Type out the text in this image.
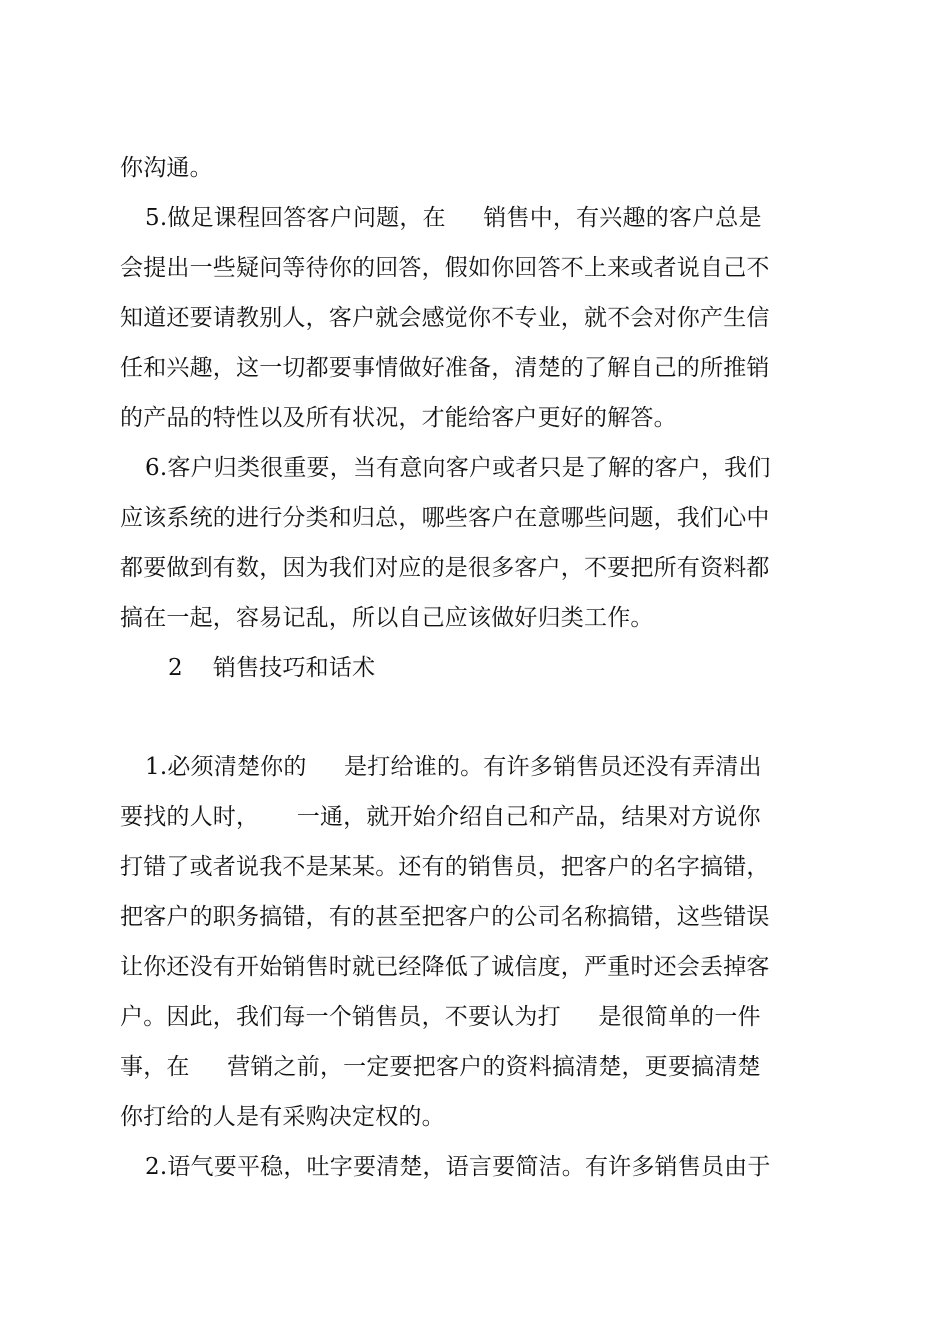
你沟通。
5.做足课程回答客户问题，在     销售中，有兴趣的客户总是
会提出一些疑问等待你的回答，假如你回答不上来或者说自己不
知道还要请教别人，客户就会感觉你不专业，就不会对你产生信
任和兴趣，这一切都要事情做好准备，清楚的了解自己的所推销
的产品的特性以及所有状况，才能给客户更好的解答。
6.客户归类很重要，当有意向客户或者只是了解的客户，我们
应该系统的进行分类和归总，哪些客户在意哪些问题，我们心中
都要做到有数，因为我们对应的是很多客户，不要把所有资料都
搞在一起，容易记乱，所以自己应该做好归类工作。
2    销售技巧和话术
1.必须清楚你的     是打给谁的。有许多销售员还没有弄清出
要找的人时，     一通，就开始介绍自己和产品，结果对方说你
打错了或者说我不是某某。还有的销售员，把客户的名字搞错，
把客户的职务搞错，有的甚至把客户的公司名称搞错，这些错误
让你还没有开始销售时就已经降低了诚信度，严重时还会丢掉客
户。因此，我们每一个销售员，不要认为打     是很简单的一件
事，在     营销之前，一定要把客户的资料搞清楚，更要搞清楚
你打给的人是有采购决定权的。
2.语气要平稳，吐字要清楚，语言要简洁。有许多销售员由于
